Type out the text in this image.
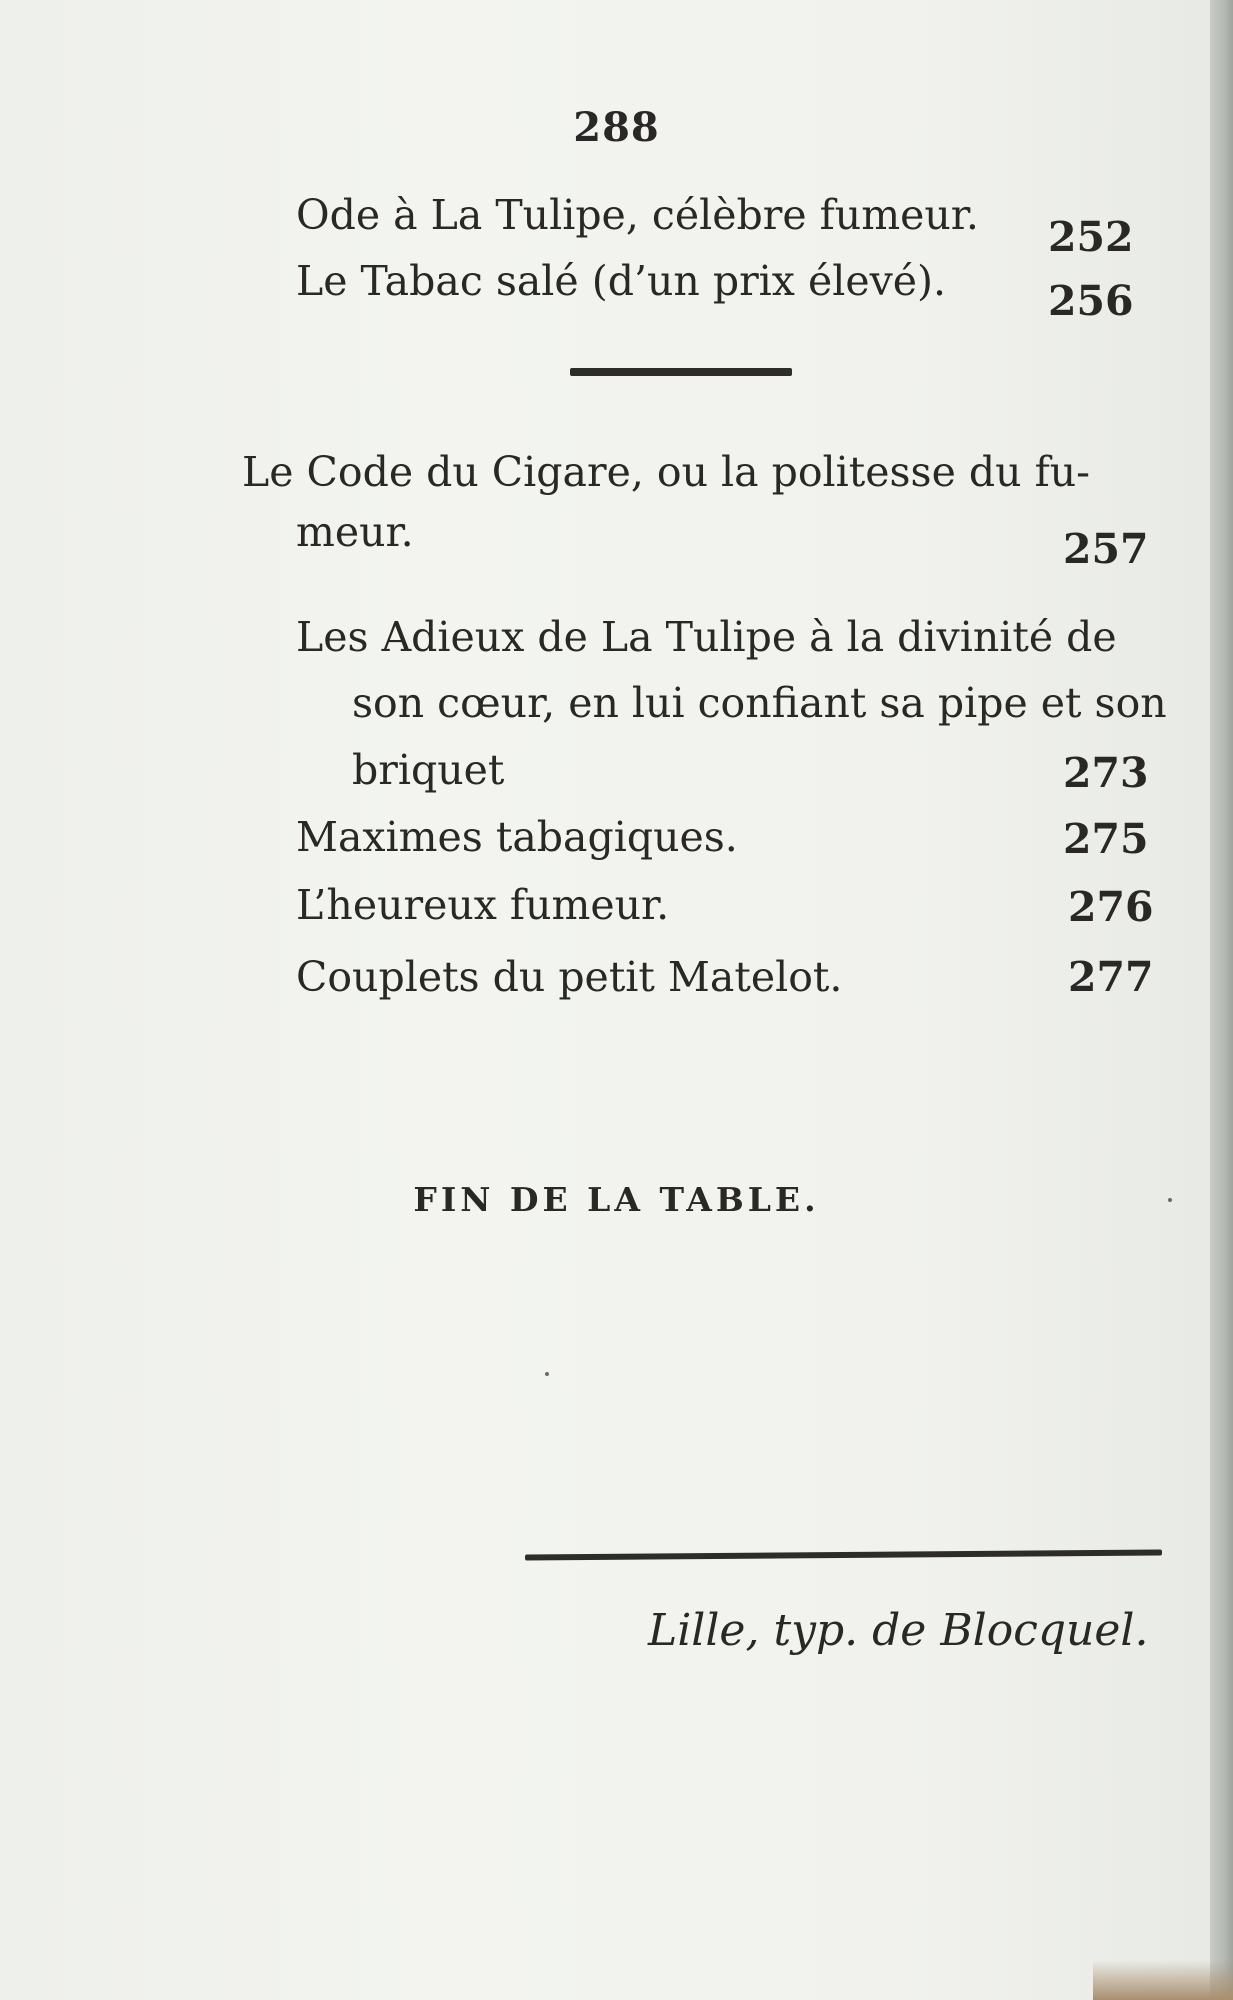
288
Ode à La Tulipe, célèbre fumeur. 252
Le Tabac salé (d’un prix élevé). 256
Le Code du Cigare, ou la politesse du fu-
meur.	257
Les Adieux de La Tulipe à la divinité de
son cœur, en lui confiant sa pipe et son
briquet	273
Maximes tabagiques.	275
L’heureux fumeur.	276
Couplets du petit Matelot.	277
FIN DE LA TABLE.
Lille, typ. de Blocquel.
